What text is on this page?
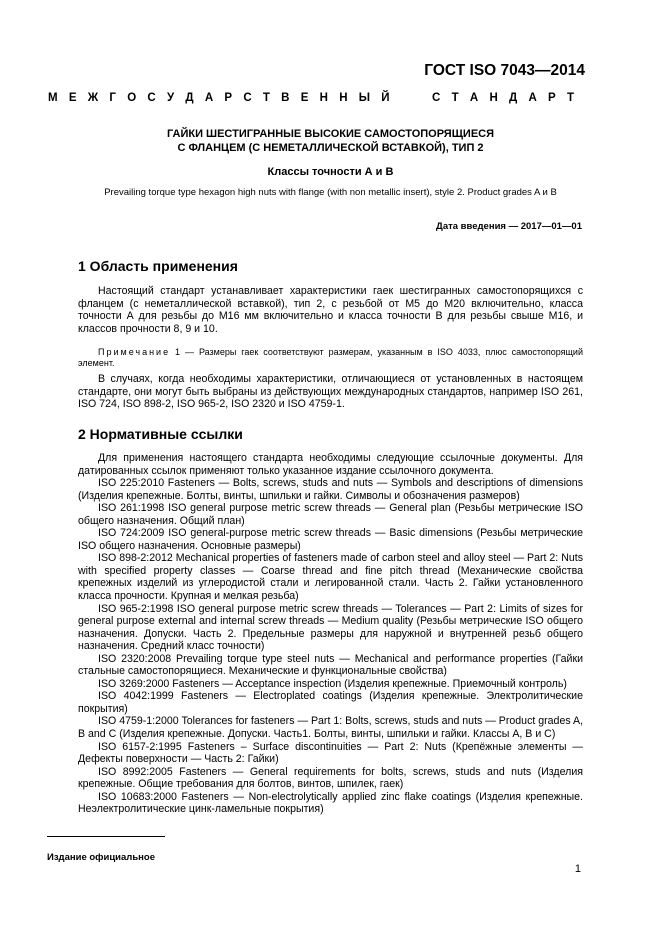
ГОСТ ISO 7043—2014
М Е Ж Г О С У Д А Р С Т В Е Н Н Ы Й	С Т А Н Д А Р Т
ГАЙКИ ШЕСТИГРАННЫЕ ВЫСОКИЕ САМОСТОПОРЯЩИЕСЯ
С ФЛАНЦЕМ (С НЕМЕТАЛЛИЧЕСКОЙ ВСТАВКОЙ), ТИП 2
Классы точности А и В
Prevailing torque type hexagon high nuts with flange (with non metallic insert), style 2. Product grades A и B
Дата введения — 2017—01—01
1 Область применения

Настоящий стандарт устанавливает характеристики гаек шестигранных самостопорящихся с фланцем (с неметаллической вставкой), тип 2, с резьбой от М5 до М20 включительно, класса точности А для резьбы до М16 мм включительно и класса точности В для резьбы свыше М16, и классов прочности 8, 9 и 10.

Примечание 1 — Размеры гаек соответствуют размерам, указанным в ISO 4033, плюс самостопорящий элемент.

В случаях, когда необходимы характеристики, отличающиеся от установленных в настоящем стандарте, они могут быть выбраны из действующих международных стандартов, например ISO 261, ISO 724, ISO 898-2, ISO 965-2, ISO 2320 и ISO 4759-1.

2 Нормативные ссылки

Для применения настоящего стандарта необходимы следующие ссылочные документы. Для датированных ссылок применяют только указанное издание ссылочного документа.

ISO 225:2010 Fasteners — Bolts, screws, studs and nuts — Symbols and descriptions of dimensions (Изделия крепежные. Болты, винты, шпильки и гайки. Символы и обозначения размеров)

ISO 261:1998 ISO general purpose metric screw threads — General plan (Резьбы метрические ISO общего назначения. Общий план)

ISO 724:2009 ISO general-purpose metric screw threads — Basic dimensions (Резьбы метрические ISO общего назначения. Основные размеры)

ISO 898-2:2012 Mechanical properties of fasteners made of carbon steel and alloy steel — Part 2: Nuts with specified property classes — Coarse thread and fine pitch thread (Механические свойства крепежных изделий из углеродистой стали и легированной стали. Часть 2. Гайки установленного класса прочности. Крупная и мелкая резьба)

ISO 965-2:1998 ISO general purpose metric screw threads — Tolerances — Part 2: Limits of sizes for general purpose external and internal screw threads — Medium quality (Резьбы метрические ISO общего назначения. Допуски. Часть 2. Предельные размеры для наружной и внутренней резьб общего назначения. Средний класс точности)

ISO 2320:2008 Prevailing torque type steel nuts — Mechanical and performance properties (Гайки стальные самостопорящиеся. Механические и функциональные свойства)

ISO 3269:2000 Fasteners — Acceptance inspection (Изделия крепежные. Приемочный контроль)

ISO 4042:1999 Fasteners — Electroplated coatings (Изделия крепежные. Электролитические покрытия)

ISO 4759-1:2000 Tolerances for fasteners — Part 1: Bolts, screws, studs and nuts — Product grades A, B and C (Изделия крепежные. Допуски. Часть1. Болты, винты, шпильки и гайки. Классы А, В и С)

ISO 6157-2:1995 Fasteners – Surface discontinuities — Part 2: Nuts (Крепёжные элементы — Дефекты поверхности — Часть 2: Гайки)

ISO 8992:2005 Fasteners — General requirements for bolts, screws, studs and nuts (Изделия крепежные. Общие требования для болтов, винтов, шпилек, гаек)

ISO 10683:2000 Fasteners — Non-electrolytically applied zinc flake coatings (Изделия крепежные. Неэлектролитические цинк-ламельные покрытия)

Издание официальное
1
